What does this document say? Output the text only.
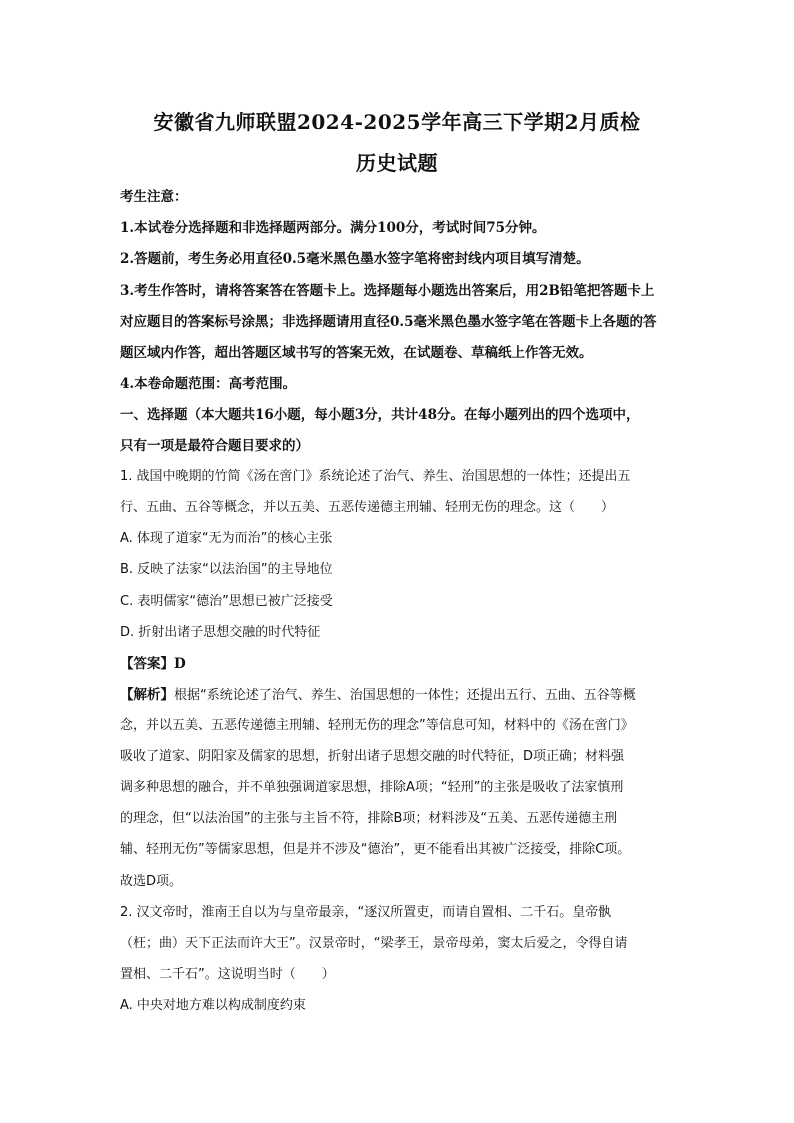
安徽省九师联盟2024-2025学年高三下学期2月质检
历史试题
考生注意：
1.本试卷分选择题和非选择题两部分。满分100分，考试时间75分钟。
2.答题前，考生务必用直径0.5毫米黑色墨水签字笔将密封线内项目填写清楚。
3.考生作答时，请将答案答在答题卡上。选择题每小题选出答案后，用2B铅笔把答题卡上
对应题目的答案标号涂黑；非选择题请用直径0.5毫米黑色墨水签字笔在答题卡上各题的答
题区域内作答，超出答题区域书写的答案无效，在试题卷、草稿纸上作答无效。
4.本卷命题范围：高考范围。
一、选择题（本大题共16小题，每小题3分，共计48分。在每小题列出的四个选项中，
只有一项是最符合题目要求的）
1. 战国中晚期的竹简《汤在啻门》系统论述了治气、养生、治国思想的一体性；还提出五
行、五曲、五谷等概念，并以五美、五恶传递德主刑辅、轻刑无伤的理念。这（　　）
A. 体现了道家“无为而治”的核心主张
B. 反映了法家“以法治国”的主导地位
C. 表明儒家“德治”思想已被广泛接受
D. 折射出诸子思想交融的时代特征
【答案】D
【解析】根据“系统论述了治气、养生、治国思想的一体性；还提出五行、五曲、五谷等概
念，并以五美、五恶传递德主刑辅、轻刑无伤的理念”等信息可知，材料中的《汤在啻门》
吸收了道家、阴阳家及儒家的思想，折射出诸子思想交融的时代特征，D项正确；材料强
调多种思想的融合，并不单独强调道家思想，排除A项；“轻刑”的主张是吸收了法家慎刑
的理念，但“以法治国”的主张与主旨不符，排除B项；材料涉及“五美、五恶传递德主刑
辅、轻刑无伤”等儒家思想，但是并不涉及“德治”，更不能看出其被广泛接受，排除C项。
故选D项。
2. 汉文帝时，淮南王自以为与皇帝最亲，“逐汉所置吏，而请自置相、二千石。皇帝骫
（枉；曲）天下正法而许大王”。汉景帝时，“梁孝王，景帝母弟，窦太后爱之，令得自请
置相、二千石”。这说明当时（　　）
A. 中央对地方难以构成制度约束
